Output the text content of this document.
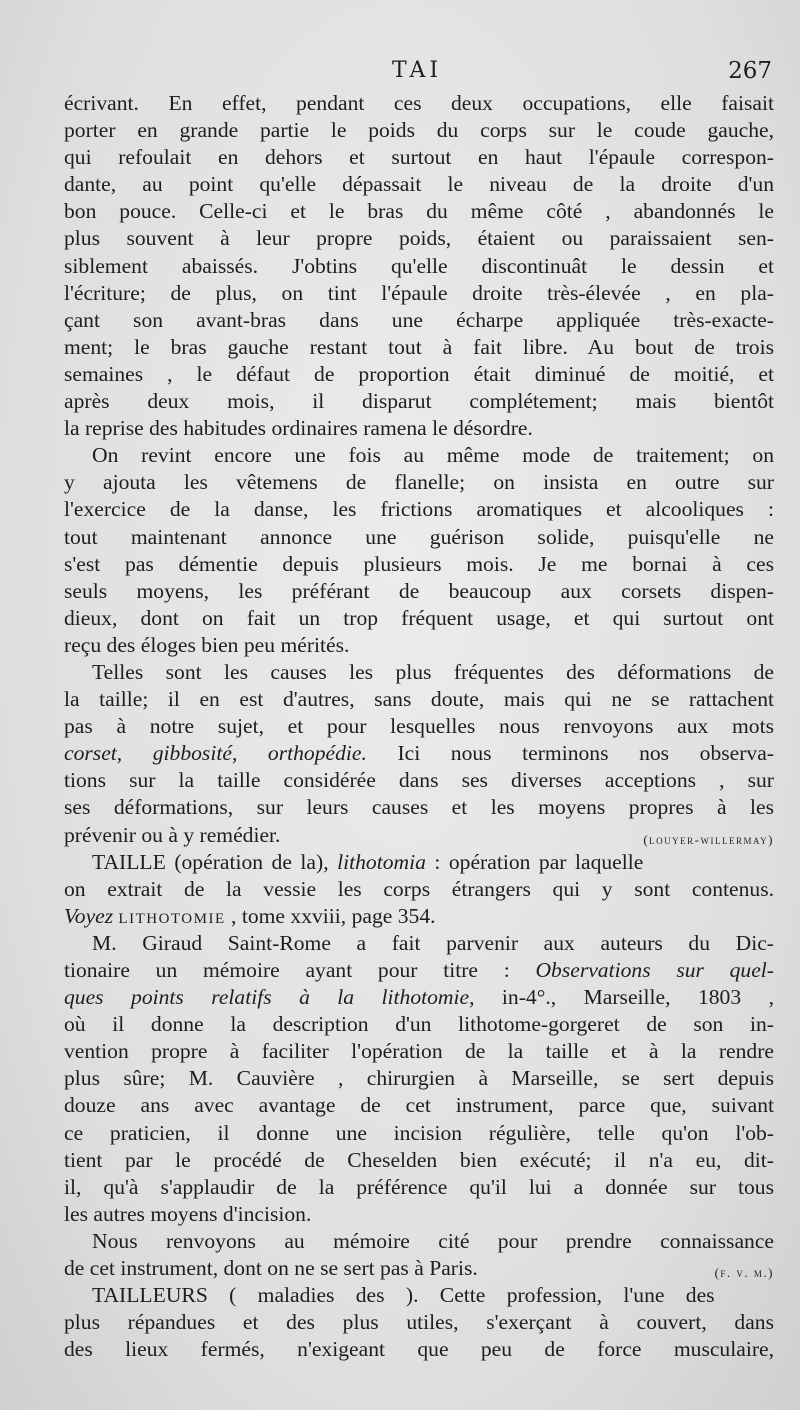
TAI	267
écrivant. En effet, pendant ces deux occupations, elle faisait
porter en grande partie le poids du corps sur le coude gauche,
qui refoulait en dehors et surtout en haut l'épaule correspon-
dante, au point qu'elle dépassait le niveau de la droite d'un
bon pouce. Celle-ci et le bras du même côté , abandonnés le
plus souvent à leur propre poids, étaient ou paraissaient sen-
siblement abaissés. J'obtins qu'elle discontinuât le dessin et
l'écriture; de plus, on tint l'épaule droite très-élevée , en pla-
çant son avant-bras dans une écharpe appliquée très-exacte-
ment; le bras gauche restant tout à fait libre. Au bout de trois
semaines , le défaut de proportion était diminué de moitié, et
après deux mois, il disparut complétement; mais bientôt
la reprise des habitudes ordinaires ramena le désordre.
On revint encore une fois au même mode de traitement; on
y ajouta les vêtemens de flanelle; on insista en outre sur
l'exercice de la danse, les frictions aromatiques et alcooliques :
tout maintenant annonce une guérison solide, puisqu'elle ne
s'est pas démentie depuis plusieurs mois. Je me bornai à ces
seuls moyens, les préférant de beaucoup aux corsets dispen-
dieux, dont on fait un trop fréquent usage, et qui surtout ont
reçu des éloges bien peu mérités.
Telles sont les causes les plus fréquentes des déformations de
la taille; il en est d'autres, sans doute, mais qui ne se rattachent
pas à notre sujet, et pour lesquelles nous renvoyons aux mots
corset, gibbosité, orthopédie. Ici nous terminons nos observa-
tions sur la taille considérée dans ses diverses acceptions , sur
ses déformations, sur leurs causes et les moyens propres à les
prévenir ou à y remédier.	(louyer-willermay)
TAILLE (opération de la), lithotomia : opération par laquelle
on extrait de la vessie les corps étrangers qui y sont contenus.
Voyez LITHOTOMIE , tome xxviii, page 354.
M. Giraud Saint-Rome a fait parvenir aux auteurs du Dic-
tionaire un mémoire ayant pour titre : Observations sur quel-
ques points relatifs à la lithotomie, in-4°., Marseille, 1803 ,
où il donne la description d'un lithotome-gorgeret de son in-
vention propre à faciliter l'opération de la taille et à la rendre
plus sûre; M. Cauvière , chirurgien à Marseille, se sert depuis
douze ans avec avantage de cet instrument, parce que, suivant
ce praticien, il donne une incision régulière, telle qu'on l'ob-
tient par le procédé de Cheselden bien exécuté; il n'a eu, dit-
il, qu'à s'applaudir de la préférence qu'il lui a donnée sur tous
les autres moyens d'incision.
Nous renvoyons au mémoire cité pour prendre connaissance
de cet instrument, dont on ne se sert pas à Paris.	(f. v. m.)
TAILLEURS ( maladies des ). Cette profession, l'une des
plus répandues et des plus utiles, s'exerçant à couvert, dans
des lieux fermés, n'exigeant que peu de force musculaire,
